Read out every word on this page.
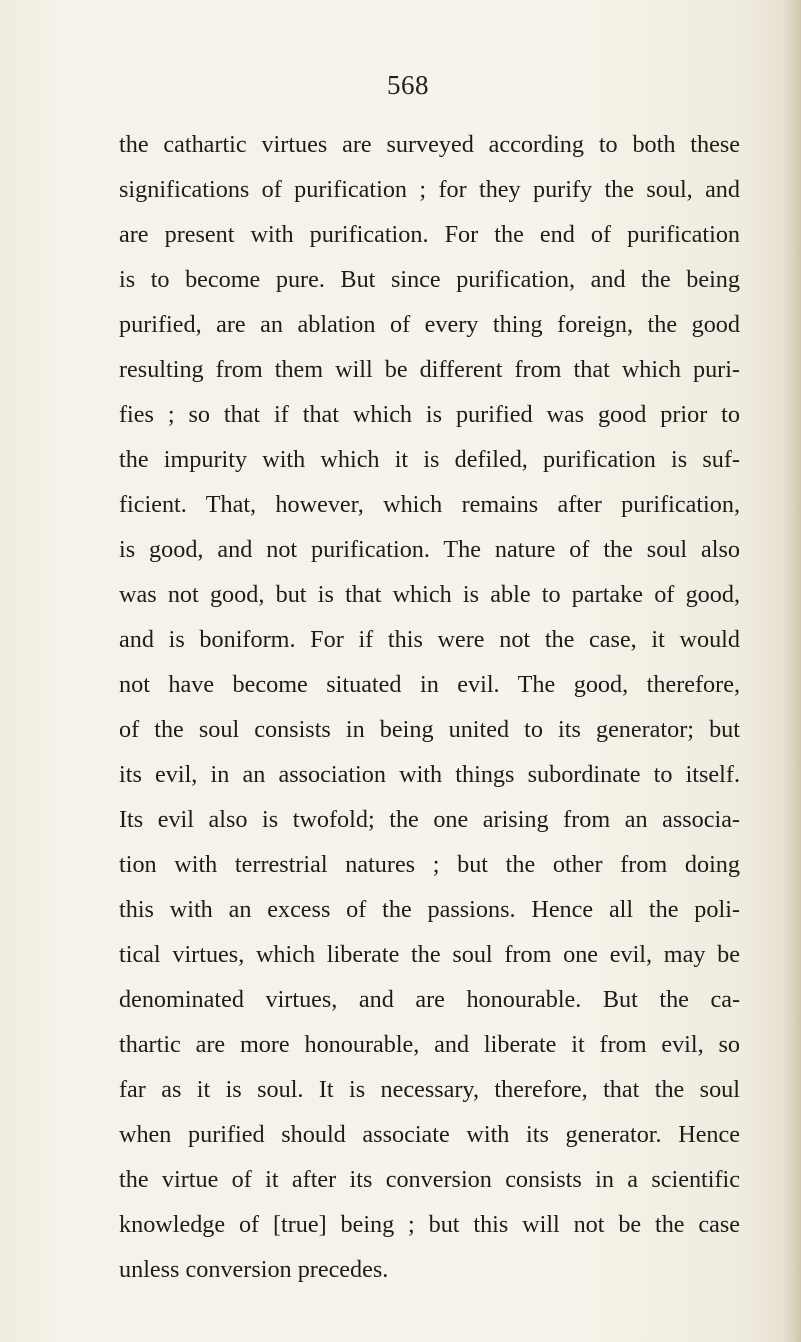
568
the cathartic virtues are surveyed according to both these
significations of purification ; for they purify the soul, and
are present with purification. For the end of purification
is to become pure. But since purification, and the being
purified, are an ablation of every thing foreign, the good
resulting from them will be different from that which puri-
fies ; so that if that which is purified was good prior to
the impurity with which it is defiled, purification is suf-
ficient. That, however, which remains after purification,
is good, and not purification. The nature of the soul also
was not good, but is that which is able to partake of good,
and is boniform. For if this were not the case, it would
not have become situated in evil. The good, therefore,
of the soul consists in being united to its generator; but
its evil, in an association with things subordinate to itself.
Its evil also is twofold; the one arising from an associa-
tion with terrestrial natures ; but the other from doing
this with an excess of the passions. Hence all the poli-
tical virtues, which liberate the soul from one evil, may be
denominated virtues, and are honourable. But the ca-
thartic are more honourable, and liberate it from evil, so
far as it is soul. It is necessary, therefore, that the soul
when purified should associate with its generator. Hence
the virtue of it after its conversion consists in a scientific
knowledge of [true] being ; but this will not be the case
unless conversion precedes.
